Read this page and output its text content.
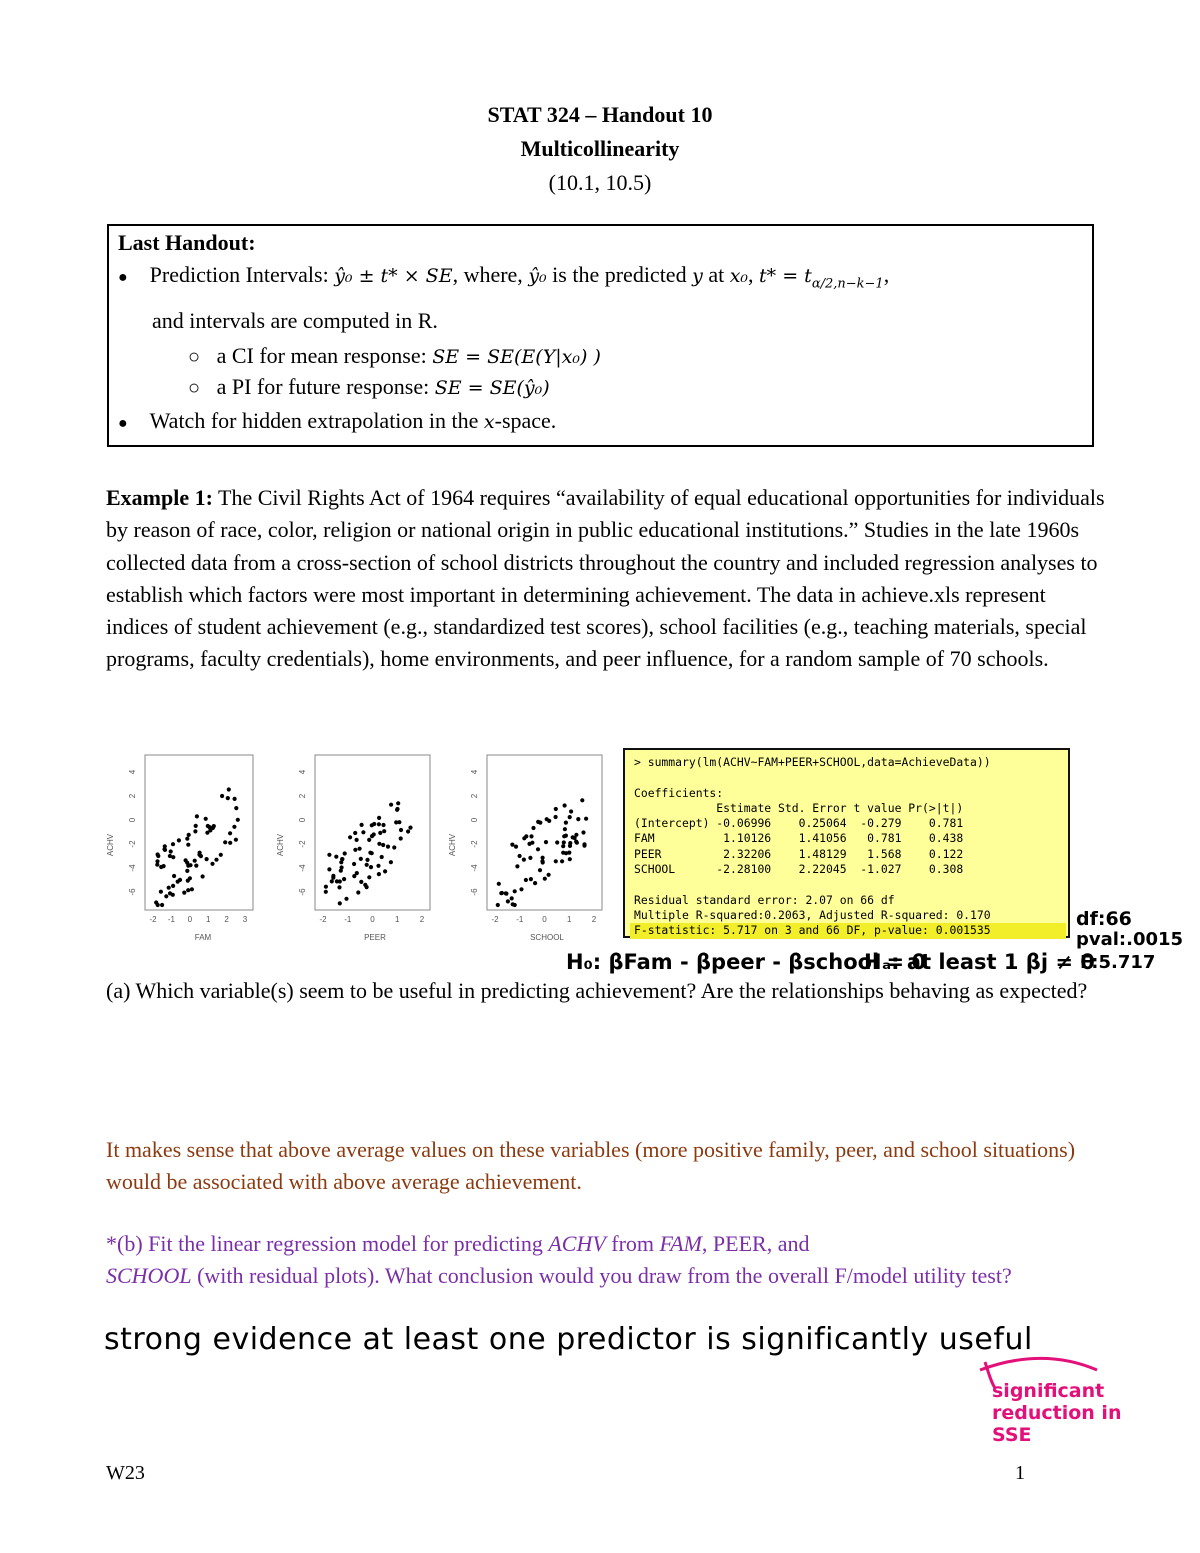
STAT 324 – Handout 10
Multicollinearity
(10.1, 10.5)
Last Handout:
● Prediction Intervals: ŷ₀ ± t* × SE, where, ŷ₀ is the predicted y at x₀, $t* = t_{\alpha/2,n-k-1}$,
and intervals are computed in R.
○ a CI for mean response: SE = SE(E(Y|x₀) )
○ a PI for future response: SE = SE(ŷ₀)
● Watch for hidden extrapolation in the x-space.
Example 1: The Civil Rights Act of 1964 requires “availability of equal educational opportunities for individuals by reason of race, color, religion or national origin in public educational institutions.” Studies in the late 1960s collected data from a cross-section of school districts throughout the country and included regression analyses to establish which factors were most important in determining achievement. The data in achieve.xls represent indices of student achievement (e.g., standardized test scores), school facilities (e.g., teaching materials, special programs, faculty credentials), home environments, and peer influence, for a random sample of 70 schools.
ACHV
FAM
-2 -1 0 1 2 3
4
2
0
-2
-4
-6
ACHV
PEER
-2 -1 0	1	2
4
2
0
-2
-4
-6
ACHV
SCHOOL
-2 -1 0	1	2
4
2
0
-2
-4
-6
> summary(lm(ACHV~FAM+PEER+SCHOOL,data=AchieveData))

Coefficients:
Estimate Std. Error t value Pr(>|t|)
(Intercept) -0.06996    0.25064  -0.279    0.781
FAM          1.10126    1.41056   0.781    0.438
PEER         2.32206    1.48129   1.568    0.122
SCHOOL      -2.28100    2.22045  -1.027    0.308

Residual standard error: 2.07 on 66 df
Multiple R-squared:0.2063, Adjusted R-squared: 0.170
F-statistic: 5.717 on 3 and 66 DF, p-value: 0.001535
df:66
pval:.0015
F:5.717
H₀: βFam - βpeer - βschool = 0
Hₐ: at least 1 βj ≠ 0
(a) Which variable(s) seem to be useful in predicting achievement? Are the relationships behaving as expected?
It makes sense that above average values on these variables (more positive family, peer, and school situations) would be associated with above average achievement.
*(b) Fit the linear regression model for predicting ACHV from FAM, PEER, and
SCHOOL (with residual plots). What conclusion would you draw from the overall F/model utility test?
strong evidence at least one predictor is significantly useful
significant
reduction in
SSE
W23	1
